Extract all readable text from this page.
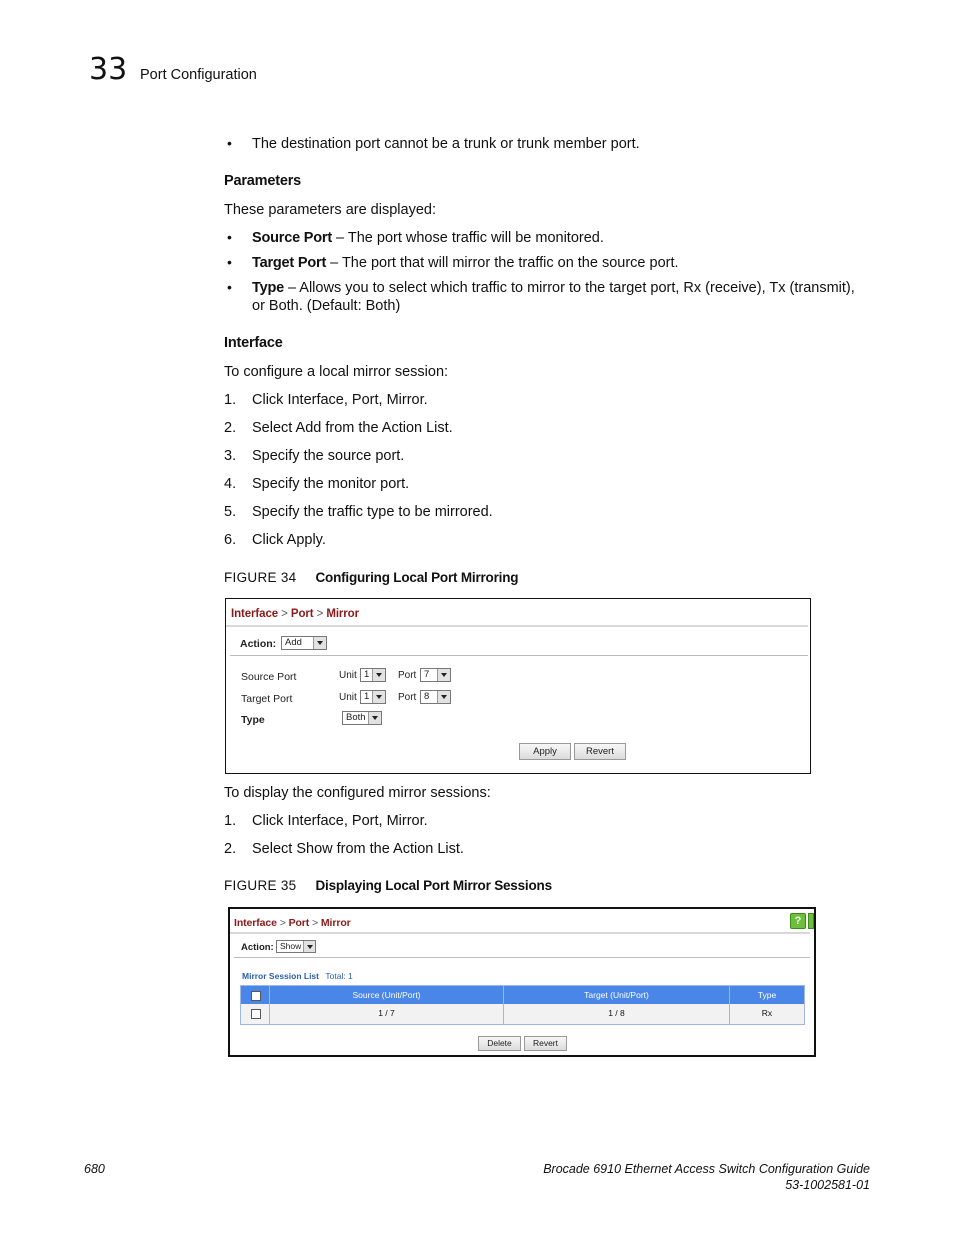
33 Port Configuration
• The destination port cannot be a trunk or trunk member port.
Parameters
These parameters are displayed:
• Source Port – The port whose traffic will be monitored.
• Target Port – The port that will mirror the traffic on the source port.
• Type – Allows you to select which traffic to mirror to the target port, Rx (receive), Tx (transmit),
or Both. (Default: Both)
Interface
To configure a local mirror session:
1. Click Interface, Port, Mirror.
2. Select Add from the Action List.
3. Specify the source port.
4. Specify the monitor port.
5. Specify the traffic type to be mirrored.
6. Click Apply.
FIGURE 34 Configuring Local Port Mirroring
Interface > Port > Mirror
Action: Add
Source Port	Unit 1	Port 7
Target Port	Unit 1	Port 8
Type	Both
Apply	Revert
To display the configured mirror sessions:
1. Click Interface, Port, Mirror.
2. Select Show from the Action List.
FIGURE 35 Displaying Local Port Mirror Sessions
Interface > Port > Mirror	?
Action: Show
Mirror Session List Total: 1
Source (Unit/Port)	Target (Unit/Port)	Type
1 / 7	1 / 8	Rx
Delete	Revert
680	Brocade 6910 Ethernet Access Switch Configuration Guide
53-1002581-01
